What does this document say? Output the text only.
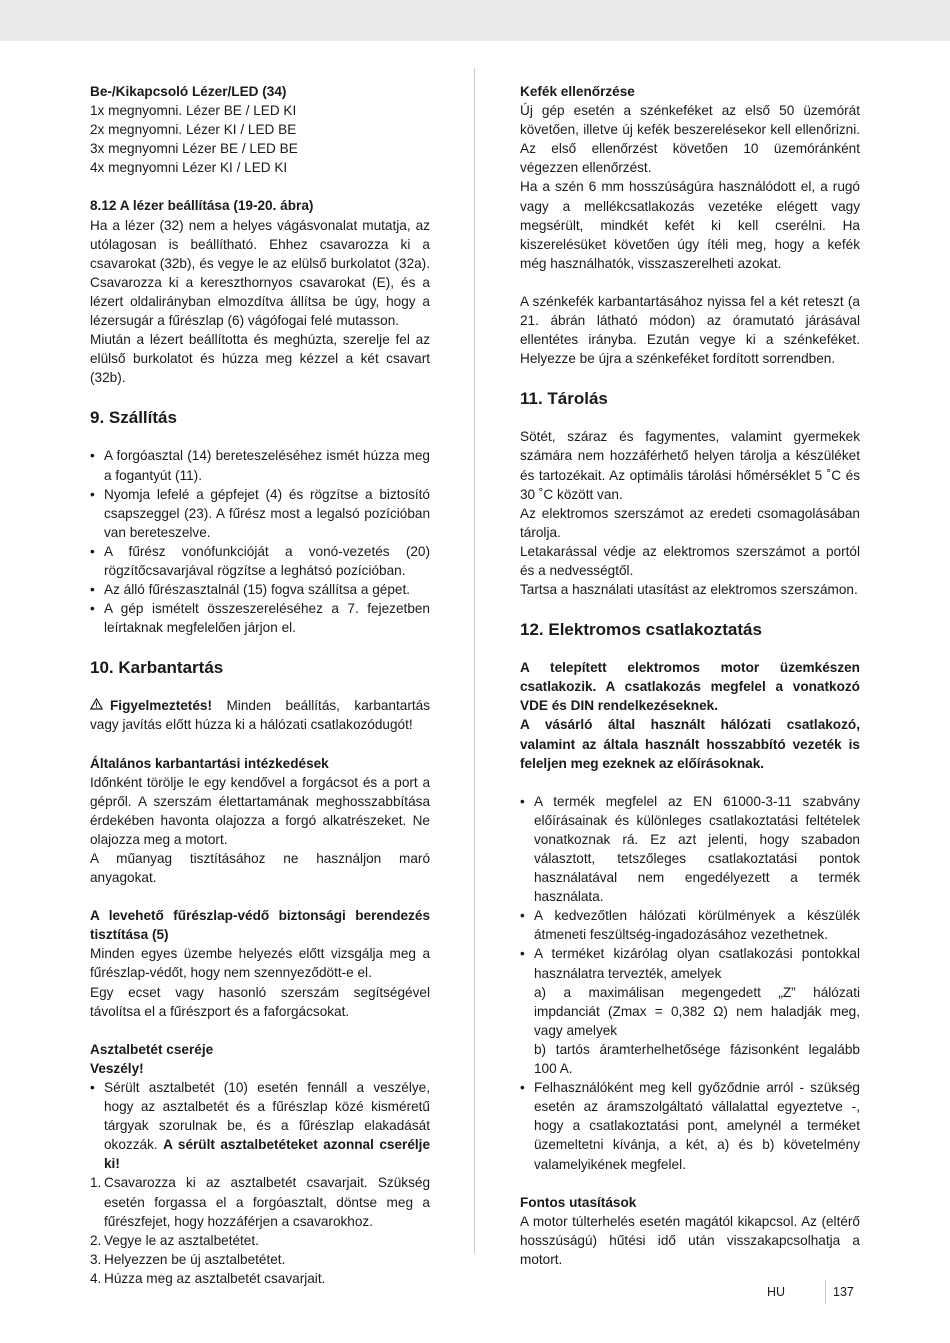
Be-/Kikapcsoló Lézer/LED (34)

1x megnyomni. Lézer BE / LED KI

2x megnyomni. Lézer KI / LED BE

3x megnyomni Lézer BE / LED BE

4x megnyomni Lézer KI / LED KI

8.12 A lézer beállítása (19-20. ábra)

Ha a lézer (32) nem a helyes vágásvonalat mutatja, az utólagosan is beállítható. Ehhez csavarozza ki a csavarokat (32b), és vegye le az elülső burkolatot (32a). Csavarozza ki a kereszthornyos csavarokat (E), és a lézert oldalirányban elmozdítva állítsa be úgy, hogy a lézersugár a fűrészlap (6) vágófogai felé mutasson.

Miután a lézert beállította és meghúzta, szerelje fel az elülső burkolatot és húzza meg kézzel a két csavart (32b).

9. Szállítás
• A forgóasztal (14) bereteszeléséhez ismét húzza meg a fogantyút (11).
• Nyomja lefelé a gépfejet (4) és rögzítse a biztosító csapszeggel (23). A fűrész most a legalsó pozícióban van bereteszelve.
• A fűrész vonófunkcióját a vonó-vezetés (20) rögzítőcsavarjával rögzítse a leghátsó pozícióban.
• Az álló fűrészasztalnál (15) fogva szállítsa a gépet.
• A gép ismételt összeszereléséhez a 7. fejezetben leírtaknak megfelelően járjon el.
10. Karbantartás

Figyelmeztetés! Minden beállítás, karbantartás vagy javítás előtt húzza ki a hálózati csatlakozódugót!

Általános karbantartási intézkedések

Időnként törölje le egy kendővel a forgácsot és a port a gépről. A szerszám élettartamának meghosszabbítása érdekében havonta olajozza a forgó alkatrészeket. Ne olajozza meg a motort.

A műanyag tisztításához ne használjon maró anyagokat.

A levehető fűrészlap-védő biztonsági berendezés tisztítása (5)

Minden egyes üzembe helyezés előtt vizsgálja meg a fűrészlap-védőt, hogy nem szennyeződött-e el.

Egy ecset vagy hasonló szerszám segítségével távolítsa el a fűrészport és a faforgácsokat.

Asztalbetét cseréje

Veszély!

• Sérült asztalbetét (10) esetén fennáll a veszélye, hogy az asztalbetét és a fűrészlap közé kisméretű tárgyak szorulnak be, és a fűrészlap elakadását okozzák. A sérült asztalbetéteket azonnal cserélje ki!
1. Csavarozza ki az asztalbetét csavarjait. Szükség esetén forgassa el a forgóasztalt, döntse meg a fűrészfejet, hogy hozzáférjen a csavarokhoz.
2. Vegye le az asztalbetétet.
3. Helyezzen be új asztalbetétet.
4. Húzza meg az asztalbetét csavarjait.

Kefék ellenőrzése

Új gép esetén a szénkeféket az első 50 üzemórát követően, illetve új kefék beszerelésekor kell ellenőrizni. Az első ellenőrzést követően 10 üzemóránként végezzen ellenőrzést.

Ha a szén 6 mm hosszúságúra használódott el, a rugó vagy a mellékcsatlakozás vezetéke elégett vagy megsérült, mindkét kefét ki kell cserélni. Ha kiszerelésüket követően úgy ítéli meg, hogy a kefék még használhatók, visszaszerelheti azokat.

A szénkefék karbantartásához nyissa fel a két reteszt (a 21. ábrán látható módon) az óramutató járásával ellentétes irányba. Ezután vegye ki a szénkeféket. Helyezze be újra a szénkeféket fordított sorrendben.

11. Tárolás

Sötét, száraz és fagymentes, valamint gyermekek számára nem hozzáférhető helyen tárolja a készüléket és tartozékait. Az optimális tárolási hőmérséklet 5 ˚C és 30 ˚C között van.

Az elektromos szerszámot az eredeti csomagolásában tárolja.

Letakarással védje az elektromos szerszámot a portól és a nedvességtől.

Tartsa a használati utasítást az elektromos szerszámon.

12. Elektromos csatlakoztatás

A telepített elektromos motor üzemkészen csatlakozik. A csatlakozás megfelel a vonatkozó VDE és DIN rendelkezéseknek.

A vásárló által használt hálózati csatlakozó, valamint az általa használt hosszabbító vezeték is feleljen meg ezeknek az előírásoknak.

• A termék megfelel az EN 61000-3-11 szabvány előírásainak és különleges csatlakoztatási feltételek vonatkoznak rá. Ez azt jelenti, hogy szabadon választott, tetszőleges csatlakoztatási pontok használatával nem engedélyezett a termék használata.
• A kedvezőtlen hálózati körülmények a készülék átmeneti feszültség-ingadozásához vezethetnek.

• A terméket kizárólag olyan csatlakozási pontokkal használatra tervezték, amelyek

a) a maximálisan megengedett „Z” hálózati impdanciát (Zmax = 0,382 Ω) nem haladják meg, vagy amelyek

b) tartós áramterhelhetősége fázisonként legalább 100 A.

• Felhasználóként meg kell győződnie arról - szükség esetén az áramszolgáltató vállalattal egyeztetve -, hogy a csatlakoztatási pont, amelynél a terméket üzemeltetni kívánja, a két, a) és b) követelmény valamelyikének megfelel.

Fontos utasítások

A motor túlterhelés esetén magától kikapcsol. Az (eltérő hosszúságú) hűtési idő után visszakapcsolhatja a motort.

HU	137
